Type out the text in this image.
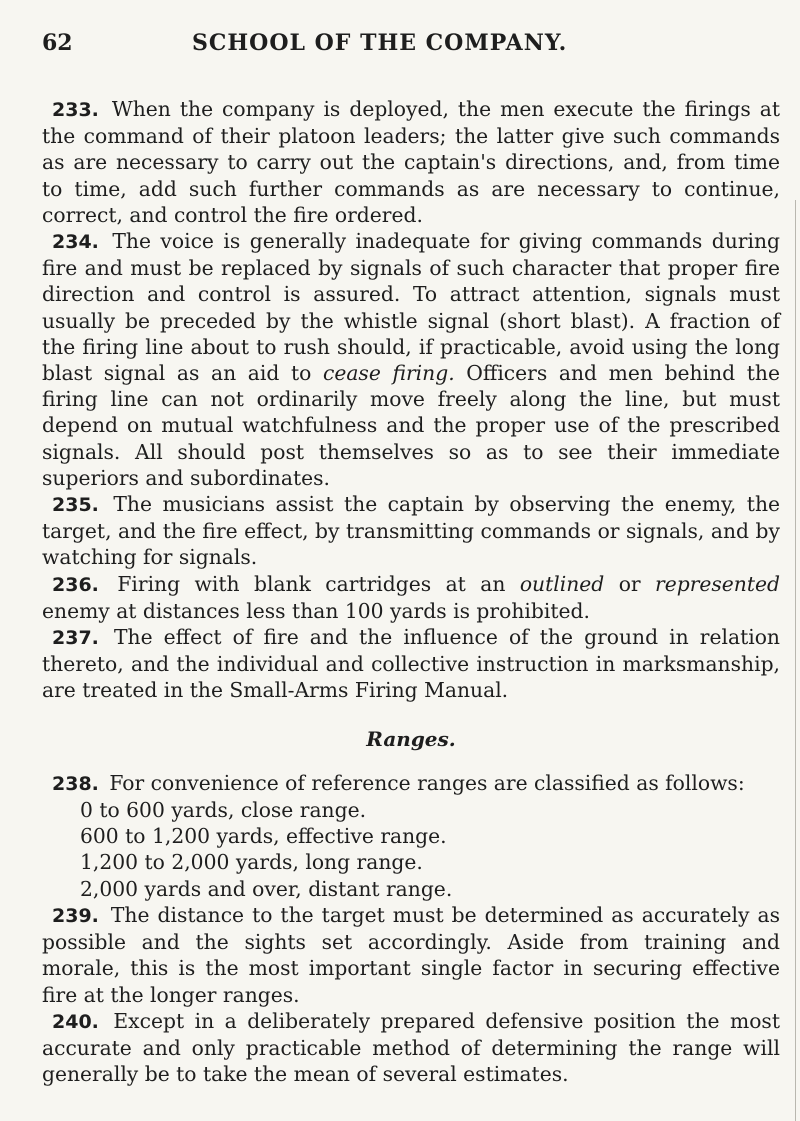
62	SCHOOL OF THE COMPANY.

233. When the company is deployed, the men execute the firings at the command of their platoon leaders; the latter give such commands as are necessary to carry out the captain's directions, and, from time to time, add such further commands as are necessary to continue, correct, and control the fire ordered.

234. The voice is generally inadequate for giving commands during fire and must be replaced by signals of such character that proper fire direction and control is assured. To attract attention, signals must usually be preceded by the whistle signal (short blast). A fraction of the firing line about to rush should, if practicable, avoid using the long blast signal as an aid to cease firing. Officers and men behind the firing line can not ordinarily move freely along the line, but must depend on mutual watchfulness and the proper use of the prescribed signals. All should post themselves so as to see their immediate superiors and subordinates.

235. The musicians assist the captain by observing the enemy, the target, and the fire effect, by transmitting commands or signals, and by watching for signals.

236. Firing with blank cartridges at an outlined or represented enemy at distances less than 100 yards is prohibited.

237. The effect of fire and the influence of the ground in relation thereto, and the individual and collective instruction in marksmanship, are treated in the Small-Arms Firing Manual.

Ranges.

238. For convenience of reference ranges are classified as follows:

0 to 600 yards, close range.
600 to 1,200 yards, effective range.
1,200 to 2,000 yards, long range.
2,000 yards and over, distant range.

239. The distance to the target must be determined as accurately as possible and the sights set accordingly. Aside from training and morale, this is the most important single factor in securing effective fire at the longer ranges.

240. Except in a deliberately prepared defensive position the most accurate and only practicable method of determining the range will generally be to take the mean of several estimates.
